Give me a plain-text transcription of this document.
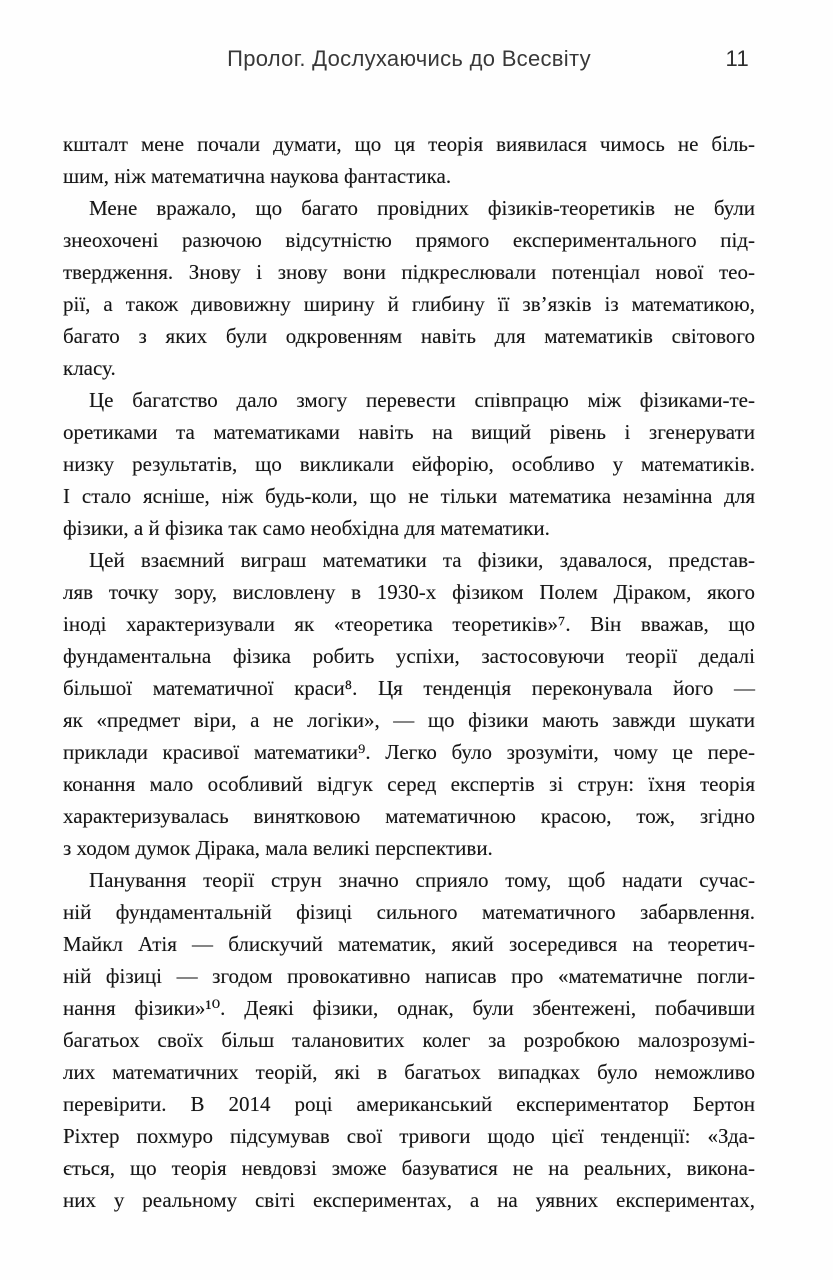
Пролог. Дослухаючись до Всесвіту	11
кшталт мене почали думати, що ця теорія виявилася чимось не біль-
шим, ніж математична наукова фантастика.
Мене вражало, що багато провідних фізиків-теоретиків не були
знеохочені разючою відсутністю прямого експериментального під-
твердження. Знову і знову вони підкреслювали потенціал нової тео-
рії, а також дивовижну ширину й глибину її зв’язків із математикою,
багато з яких були одкровенням навіть для математиків світового
класу.
Це багатство дало змогу перевести співпрацю між фізиками-те-
оретиками та математиками навіть на вищий рівень і згенерувати
низку результатів, що викликали ейфорію, особливо у математиків.
І стало ясніше, ніж будь-коли, що не тільки математика незамінна для
фізики, а й фізика так само необхідна для математики.
Цей взаємний виграш математики та фізики, здавалося, представ-
ляв точку зору, висловлену в 1930-х фізиком Полем Діраком, якого
іноді характеризували як «теоретика теоретиків»⁷. Він вважав, що
фундаментальна фізика робить успіхи, застосовуючи теорії дедалі
більшої математичної краси⁸. Ця тенденція переконувала його —
як «предмет віри, а не логіки», — що фізики мають завжди шукати
приклади красивої математики⁹. Легко було зрозуміти, чому це пере-
конання мало особливий відгук серед експертів зі струн: їхня теорія
характеризувалась винятковою математичною красою, тож, згідно
з ходом думок Дірака, мала великі перспективи.
Панування теорії струн значно сприяло тому, щоб надати сучас-
ній фундаментальній фізиці сильного математичного забарвлення.
Майкл Атія — блискучий математик, який зосередився на теоретич-
ній фізиці — згодом провокативно написав про «математичне погли-
нання фізики»¹⁰. Деякі фізики, однак, були збентежені, побачивши
багатьох своїх більш талановитих колег за розробкою малозрозумі-
лих математичних теорій, які в багатьох випадках було неможливо
перевірити. В 2014 році американський експериментатор Бертон
Ріхтер похмуро підсумував свої тривоги щодо цієї тенденції: «Зда-
ється, що теорія невдовзі зможе базуватися не на реальних, викона-
них у реальному світі експериментах, а на уявних експериментах,
